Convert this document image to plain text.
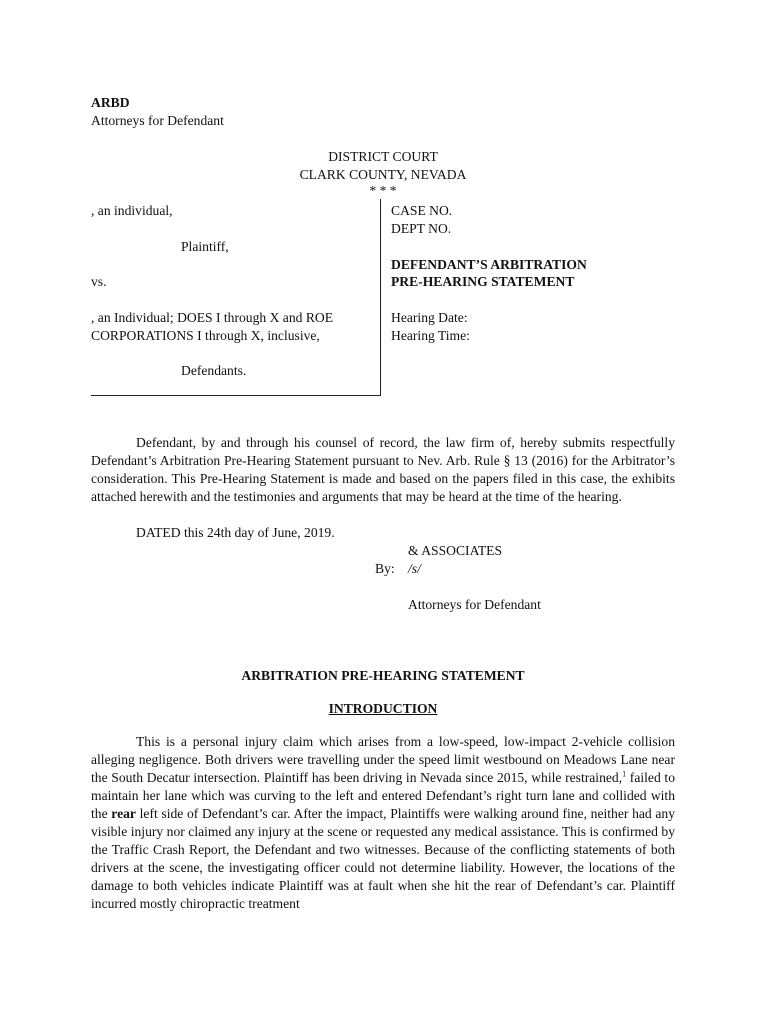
ARBD
Attorneys for Defendant
DISTRICT COURT
CLARK COUNTY, NEVADA
* * *
, an individual,
Plaintiff,
vs.
, an Individual; DOES I through X and ROE
CORPORATIONS I through X, inclusive,
Defendants.
CASE NO.
DEPT NO.
DEFENDANT’S ARBITRATION
PRE-HEARING STATEMENT
Hearing Date:
Hearing Time:
Defendant, by and through his counsel of record, the law firm of, hereby submits respectfully Defendant’s Arbitration Pre-Hearing Statement pursuant to Nev. Arb. Rule § 13 (2016) for the Arbitrator’s consideration. This Pre-Hearing Statement is made and based on the papers filed in this case, the exhibits attached herewith and the testimonies and arguments that may be heard at the time of the hearing.
DATED this 24th day of June, 2019.
& ASSOCIATES
By: /s/
Attorneys for Defendant
ARBITRATION PRE-HEARING STATEMENT
INTRODUCTION
This is a personal injury claim which arises from a low-speed, low-impact 2-vehicle collision alleging negligence. Both drivers were travelling under the speed limit westbound on Meadows Lane near the South Decatur intersection. Plaintiff has been driving in Nevada since 2015, while restrained,$^1$ failed to maintain her lane which was curving to the left and entered Defendant’s right turn lane and collided with the rear left side of Defendant’s car. After the impact, Plaintiffs were walking around fine, neither had any visible injury nor claimed any injury at the scene or requested any medical assistance. This is confirmed by the Traffic Crash Report, the Defendant and two witnesses. Because of the conflicting statements of both drivers at the scene, the investigating officer could not determine liability. However, the locations of the damage to both vehicles indicate Plaintiff was at fault when she hit the rear of Defendant’s car. Plaintiff incurred mostly chiropractic treatment
